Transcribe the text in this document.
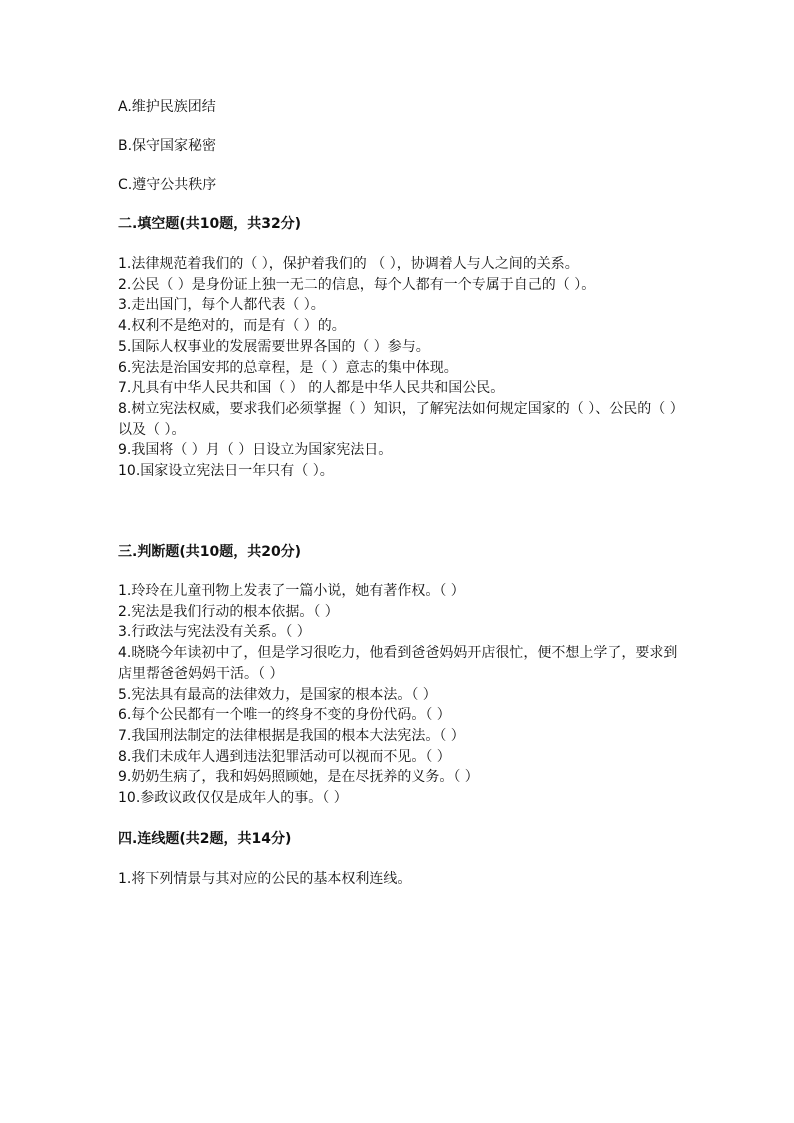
A.维护民族团结

B.保守国家秘密

C.遵守公共秩序

二.填空题(共10题，共32分)

1.法律规范着我们的（ ），保护着我们的 （ ），协调着人与人之间的关系。
2.公民（ ）是身份证上独一无二的信息，每个人都有一个专属于自己的（ ）。
3.走出国门，每个人都代表（ ）。
4.权利不是绝对的，而是有（ ）的。
5.国际人权事业的发展需要世界各国的（ ）参与。
6.宪法是治国安邦的总章程，是（ ）意志的集中体现。
7.凡具有中华人民共和国（ ） 的人都是中华人民共和国公民。
8.树立宪法权威，要求我们必须掌握（ ）知识，了解宪法如何规定国家的（ ）、公民的（ ）以及（ ）。
9.我国将（ ）月（ ）日设立为国家宪法日。
10.国家设立宪法日一年只有（ ）。

三.判断题(共10题，共20分)

1.玲玲在儿童刊物上发表了一篇小说，她有著作权。（ ）
2.宪法是我们行动的根本依据。（ ）
3.行政法与宪法没有关系。（ ）
4.晓晓今年读初中了，但是学习很吃力，他看到爸爸妈妈开店很忙，便不想上学了，要求到店里帮爸爸妈妈干活。（ ）
5.宪法具有最高的法律效力，是国家的根本法。（ ）
6.每个公民都有一个唯一的终身不变的身份代码。（ ）
7.我国刑法制定的法律根据是我国的根本大法宪法。（ ）
8.我们未成年人遇到违法犯罪活动可以视而不见。（ ）
9.奶奶生病了，我和妈妈照顾她，是在尽抚养的义务。（ ）
10.参政议政仅仅是成年人的事。（ ）

四.连线题(共2题，共14分)

1.将下列情景与其对应的公民的基本权利连线。
